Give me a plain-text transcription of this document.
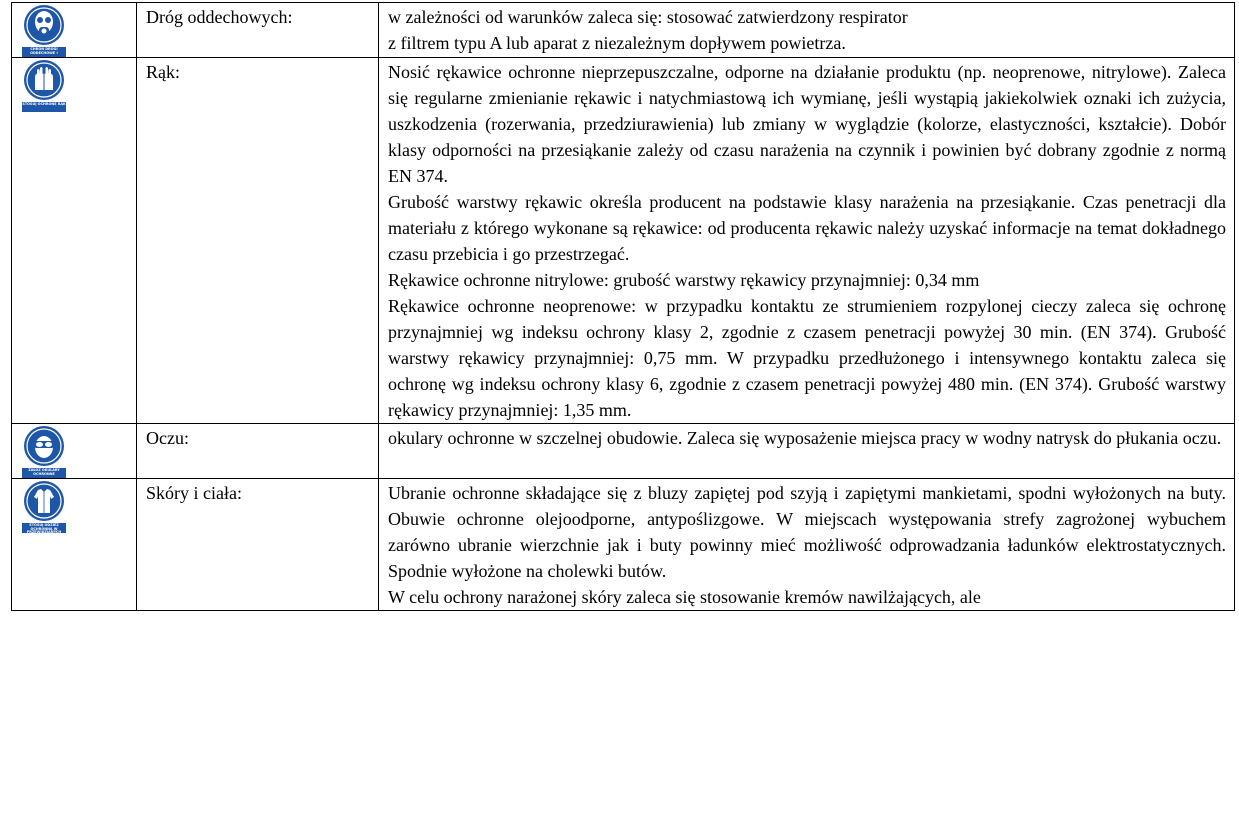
CHROŃ DROGI ODDECHOWE !	Dróg oddechowych:	w zależności od warunków zaleca się: stosować zatwierdzony respirator

z filtrem typu A lub aparat z niezależnym dopływem powietrza.

STOSUJ OCHRONĘ RĄK	Rąk:	Nosić rękawice ochronne nieprzepuszczalne, odporne na działanie produktu (np. neoprenowe, nitrylowe). Zaleca się regularne zmienianie rękawic i natychmiastową ich wymianę, jeśli wystąpią jakiekolwiek oznaki ich zużycia, uszkodzenia (rozerwania, przedziurawienia) lub zmiany w wyglądzie (kolorze, elastyczności, kształcie). Dobór klasy odporności na przesiąkanie zależy od czasu narażenia na czynnik i powinien być dobrany zgodnie z normą EN 374.

Grubość warstwy rękawic określa producent na podstawie klasy narażenia na przesiąkanie. Czas penetracji dla materiału z którego wykonane są rękawice: od producenta rękawic należy uzyskać informacje na temat dokładnego czasu przebicia i go przestrzegać.

Rękawice ochronne nitrylowe: grubość warstwy rękawicy przynajmniej: 0,34 mm

Rękawice ochronne neoprenowe: w przypadku kontaktu ze strumieniem rozpylonej cieczy zaleca się ochronę przynajmniej wg indeksu ochrony klasy 2, zgodnie z czasem penetracji powyżej 30 min. (EN 374). Grubość warstwy rękawicy przynajmniej: 0,75 mm. W przypadku przedłużonego i intensywnego kontaktu zaleca się ochronę wg indeksu ochrony klasy 6, zgodnie z czasem penetracji powyżej 480 min. (EN 374). Grubość warstwy rękawicy przynajmniej: 1,35 mm.

ZAŁÓŻ OKULARY OCHRONNE	Oczu:	okulary ochronne w szczelnej obudowie. Zaleca się wyposażenie miejsca pracy w wodny natrysk do płukania oczu.

STOSUJ ODZIEŻ OCHRONNĄ W PRZEWIDZIANYCH PRZYPADKACH	Skóry i ciała:	Ubranie ochronne składające się z bluzy zapiętej pod szyją i zapiętymi mankietami, spodni wyłożonych na buty. Obuwie ochronne olejoodporne, antypoślizgowe. W miejscach występowania strefy zagrożonej wybuchem zarówno ubranie wierzchnie jak i buty powinny mieć możliwość odprowadzania ładunków elektrostatycznych. Spodnie wyłożone na cholewki butów.

W celu ochrony narażonej skóry zaleca się stosowanie kremów nawilżających, ale
